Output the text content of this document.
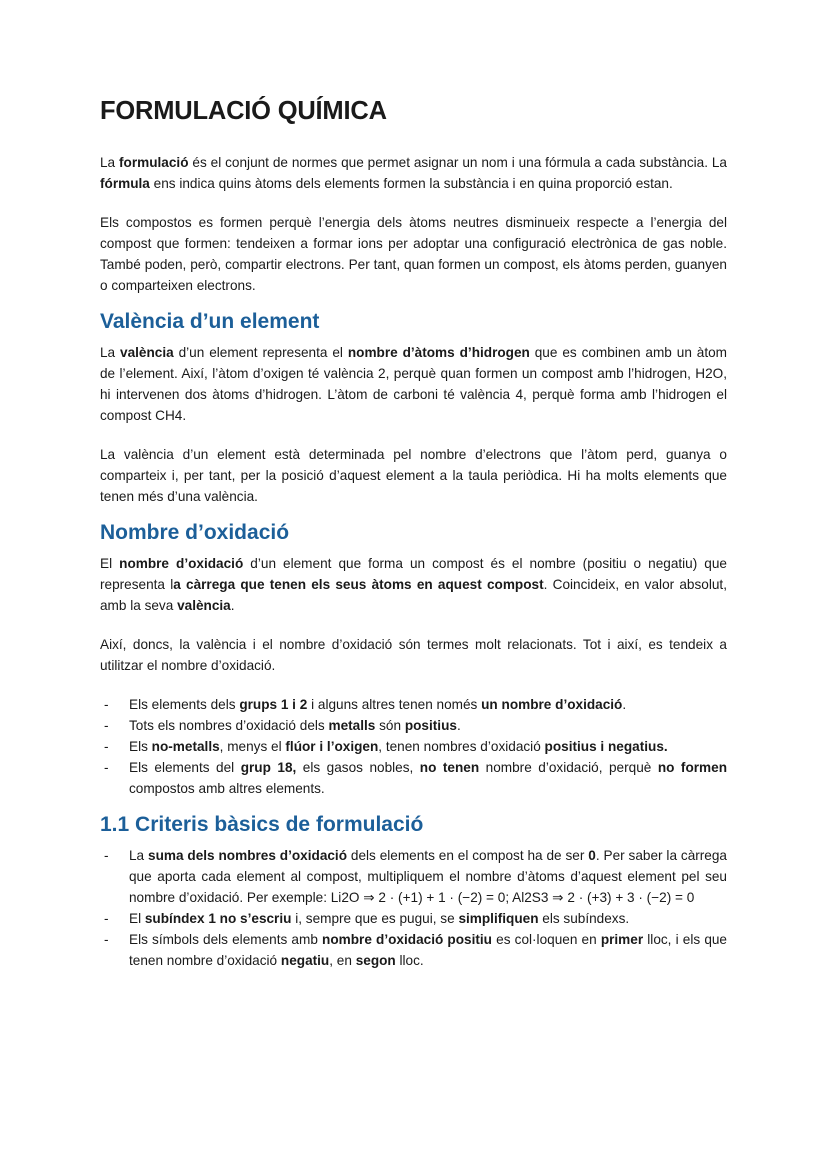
FORMULACIÓ QUÍMICA

La formulació és el conjunt de normes que permet asignar un nom i una fórmula a cada substància. La fórmula ens indica quins àtoms dels elements formen la substància i en quina proporció estan.

Els compostos es formen perquè l’energia dels àtoms neutres disminueix respecte a l’energia del compost que formen: tendeixen a formar ions per adoptar una configuració electrònica de gas noble. També poden, però, compartir electrons. Per tant, quan formen un compost, els àtoms perden, guanyen o comparteixen electrons.

València d’un element

La valència d’un element representa el nombre d’àtoms d’hidrogen que es combinen amb un àtom de l’element. Així, l’àtom d’oxigen té valència 2, perquè quan formen un compost amb l’hidrogen, H2O, hi intervenen dos àtoms d’hidrogen. L’àtom de carboni té valència 4, perquè forma amb l’hidrogen el compost CH4.

La valència d’un element està determinada pel nombre d’electrons que l’àtom perd, guanya o comparteix i, per tant, per la posició d’aquest element a la taula periòdica. Hi ha molts elements que tenen més d’una valència.

Nombre d’oxidació

El nombre d’oxidació d’un element que forma un compost és el nombre (positiu o negatiu) que representa la càrrega que tenen els seus àtoms en aquest compost. Coincideix, en valor absolut, amb la seva valència.

Així, doncs, la valència i el nombre d’oxidació són termes molt relacionats. Tot i així, es tendeix a utilitzar el nombre d’oxidació.

- Els elements dels grups 1 i 2 i alguns altres tenen només un nombre d’oxidació.
- Tots els nombres d’oxidació dels metalls són positius.
- Els no-metalls, menys el flúor i l’oxigen, tenen nombres d’oxidació positius i negatius.
- Els elements del grup 18, els gasos nobles, no tenen nombre d’oxidació, perquè no formen compostos amb altres elements.
1.1 Criteris bàsics de formulació
- La suma dels nombres d’oxidació dels elements en el compost ha de ser 0. Per saber la càrrega que aporta cada element al compost, multipliquem el nombre d’àtoms d’aquest element pel seu nombre d’oxidació. Per exemple: Li2O ⇒ 2 · (+1) + 1 · (−2) = 0; Al2S3 ⇒ 2 · (+3) + 3 · (−2) = 0
- El subíndex 1 no s’escriu i, sempre que es pugui, se simplifiquen els subíndexs.
- Els símbols dels elements amb nombre d’oxidació positiu es col·loquen en primer lloc, i els que tenen nombre d’oxidació negatiu, en segon lloc.
